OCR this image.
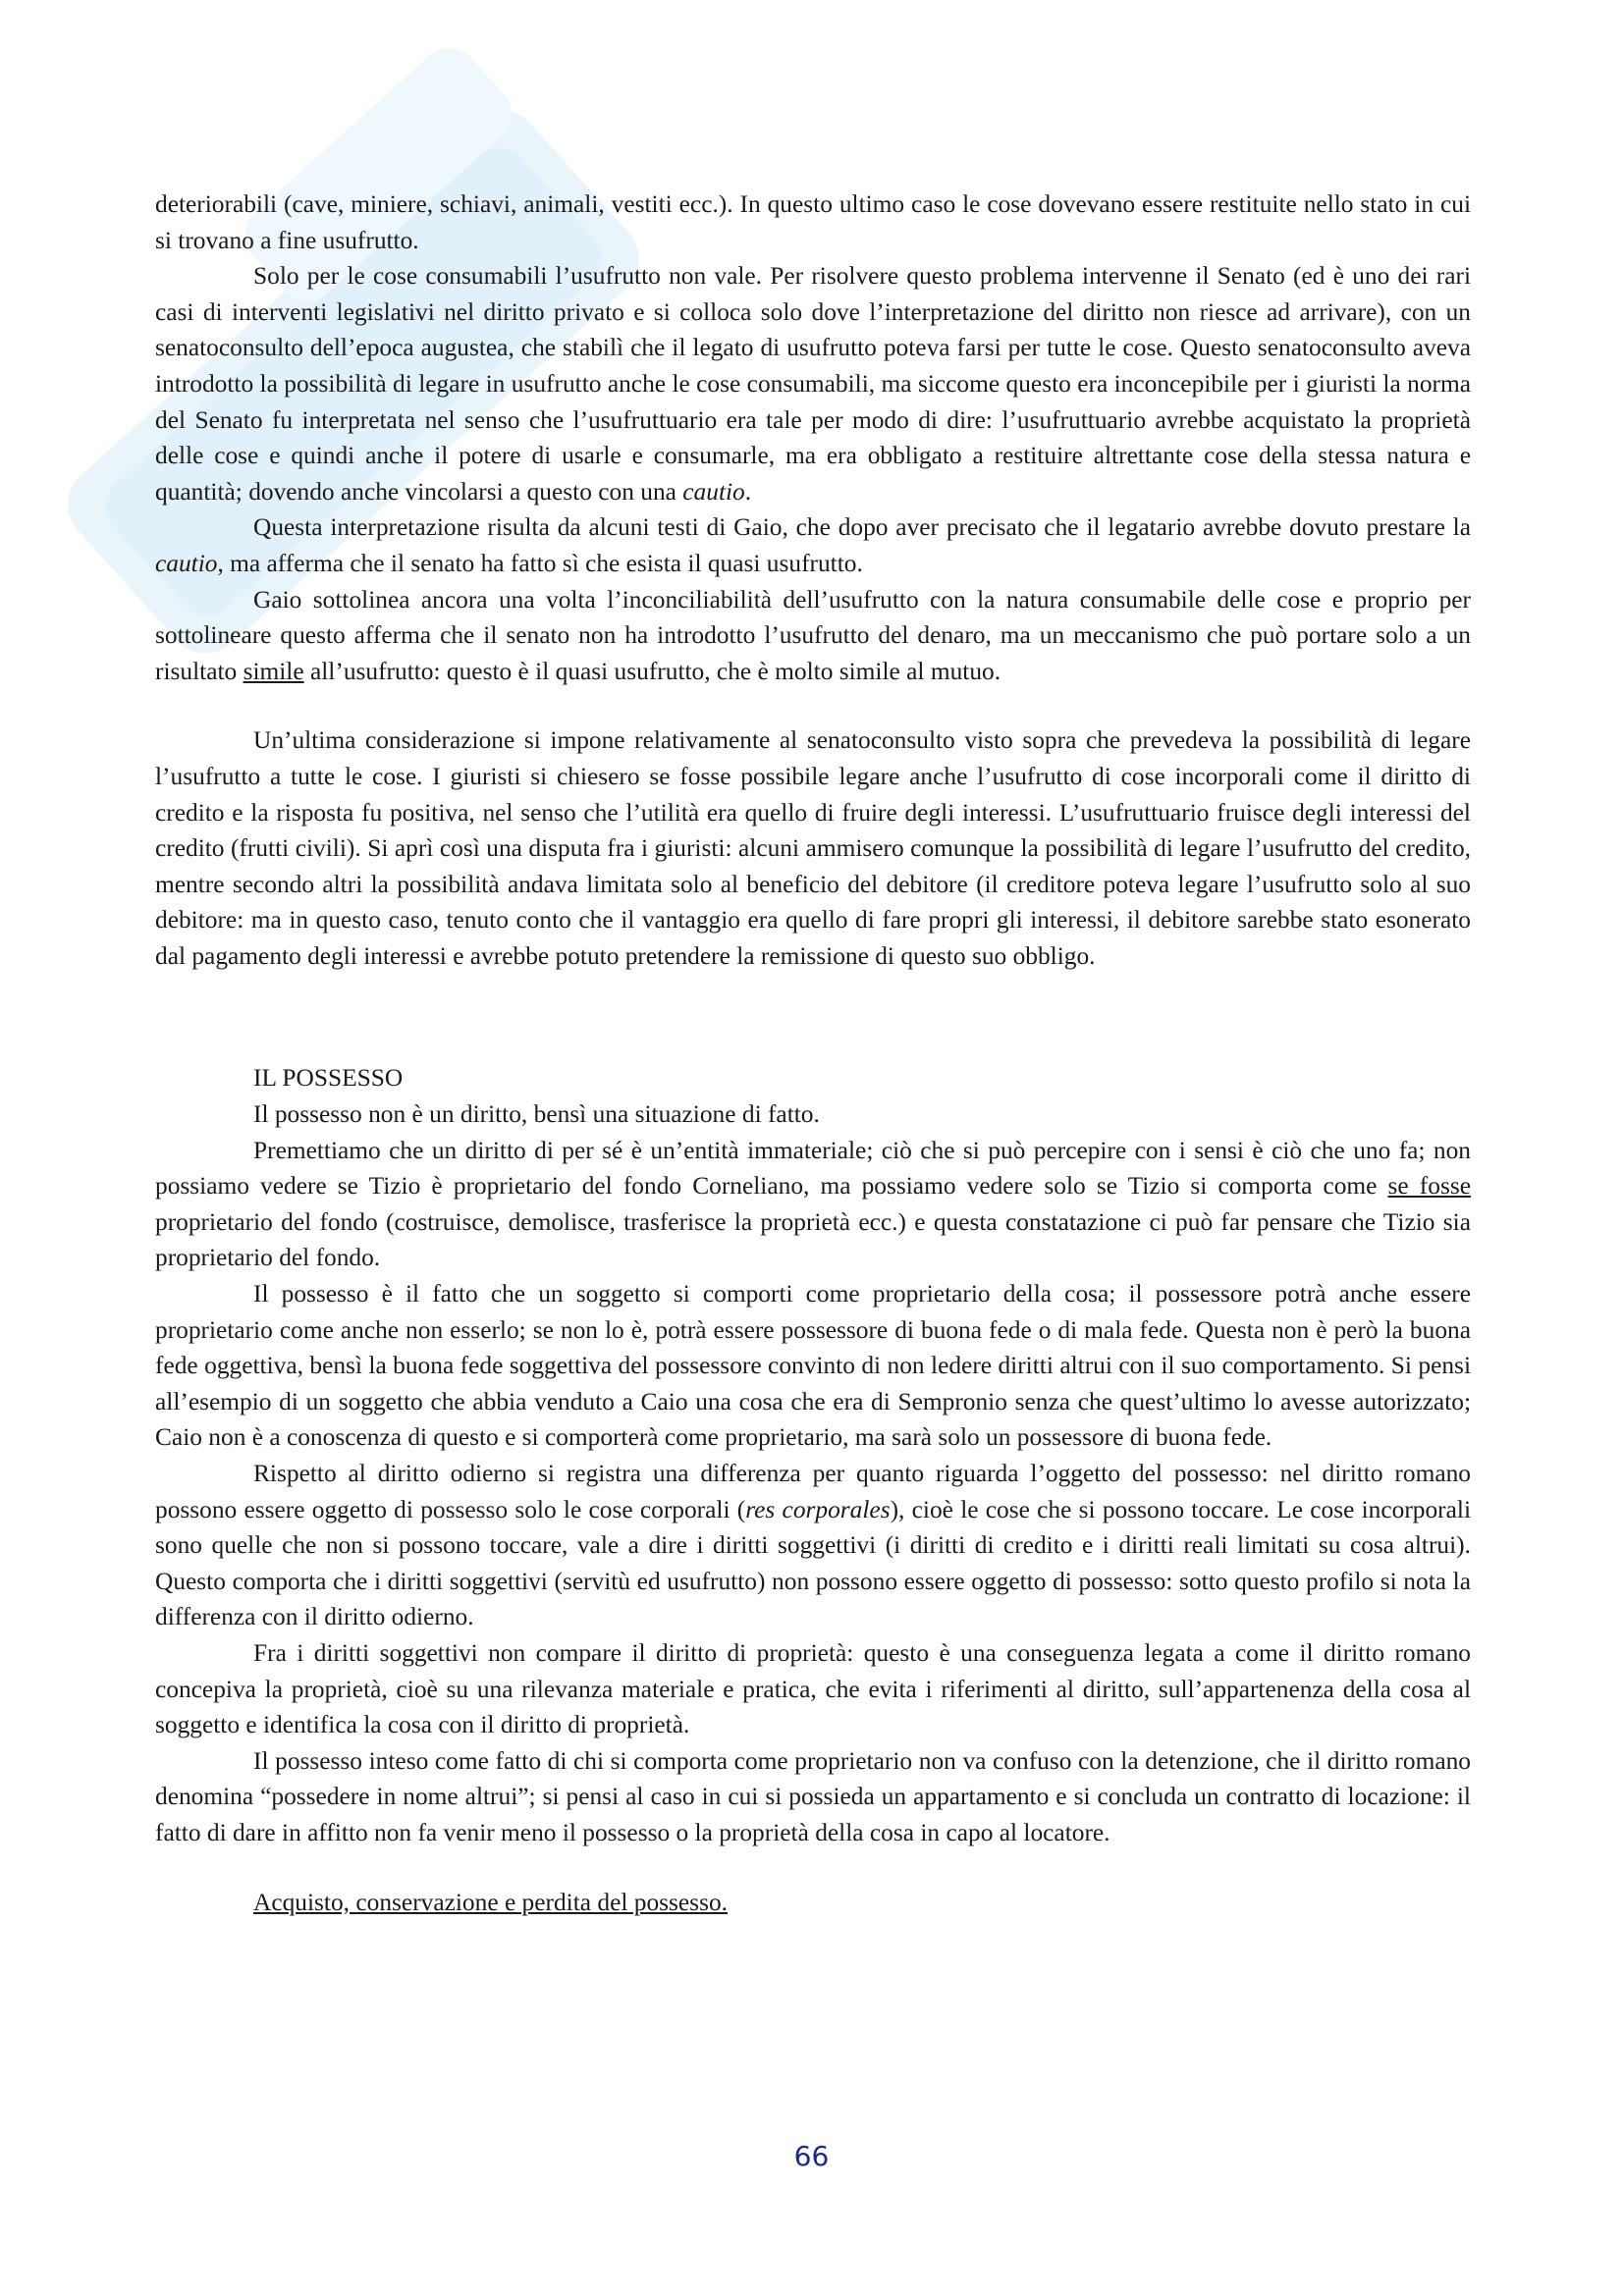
deteriorabili (cave, miniere, schiavi, animali, vestiti ecc.). In questo ultimo caso le cose dovevano essere restituite nello stato in cui si trovano a fine usufrutto.

Solo per le cose consumabili l’usufrutto non vale. Per risolvere questo problema intervenne il Senato (ed è uno dei rari casi di interventi legislativi nel diritto privato e si colloca solo dove l’interpretazione del diritto non riesce ad arrivare), con un senatoconsulto dell’epoca augustea, che stabilì che il legato di usufrutto poteva farsi per tutte le cose. Questo senatoconsulto aveva introdotto la possibilità di legare in usufrutto anche le cose consumabili, ma siccome questo era inconcepibile per i giuristi la norma del Senato fu interpretata nel senso che l’usufruttuario era tale per modo di dire: l’usufruttuario avrebbe acquistato la proprietà delle cose e quindi anche il potere di usarle e consumarle, ma era obbligato a restituire altrettante cose della stessa natura e quantità; dovendo anche vincolarsi a questo con una cautio.

Questa interpretazione risulta da alcuni testi di Gaio, che dopo aver precisato che il legatario avrebbe dovuto prestare la cautio, ma afferma che il senato ha fatto sì che esista il quasi usufrutto.

Gaio sottolinea ancora una volta l’inconciliabilità dell’usufrutto con la natura consumabile delle cose e proprio per sottolineare questo afferma che il senato non ha introdotto l’usufrutto del denaro, ma un meccanismo che può portare solo a un risultato simile all’usufrutto: questo è il quasi usufrutto, che è molto simile al mutuo.

Un’ultima considerazione si impone relativamente al senatoconsulto visto sopra che prevedeva la possibilità di legare l’usufrutto a tutte le cose. I giuristi si chiesero se fosse possibile legare anche l’usufrutto di cose incorporali come il diritto di credito e la risposta fu positiva, nel senso che l’utilità era quello di fruire degli interessi. L’usufruttuario fruisce degli interessi del credito (frutti civili). Si aprì così una disputa fra i giuristi: alcuni ammisero comunque la possibilità di legare l’usufrutto del credito, mentre secondo altri la possibilità andava limitata solo al beneficio del debitore (il creditore poteva legare l’usufrutto solo al suo debitore: ma in questo caso, tenuto conto che il vantaggio era quello di fare propri gli interessi, il debitore sarebbe stato esonerato dal pagamento degli interessi e avrebbe potuto pretendere la remissione di questo suo obbligo.

IL POSSESSO

Il possesso non è un diritto, bensì una situazione di fatto.

Premettiamo che un diritto di per sé è un’entità immateriale; ciò che si può percepire con i sensi è ciò che uno fa; non possiamo vedere se Tizio è proprietario del fondo Corneliano, ma possiamo vedere solo se Tizio si comporta come se fosse proprietario del fondo (costruisce, demolisce, trasferisce la proprietà ecc.) e questa constatazione ci può far pensare che Tizio sia proprietario del fondo.

Il possesso è il fatto che un soggetto si comporti come proprietario della cosa; il possessore potrà anche essere proprietario come anche non esserlo; se non lo è, potrà essere possessore di buona fede o di mala fede. Questa non è però la buona fede oggettiva, bensì la buona fede soggettiva del possessore convinto di non ledere diritti altrui con il suo comportamento. Si pensi all’esempio di un soggetto che abbia venduto a Caio una cosa che era di Sempronio senza che quest’ultimo lo avesse autorizzato; Caio non è a conoscenza di questo e si comporterà come proprietario, ma sarà solo un possessore di buona fede.

Rispetto al diritto odierno si registra una differenza per quanto riguarda l’oggetto del possesso: nel diritto romano possono essere oggetto di possesso solo le cose corporali (res corporales), cioè le cose che si possono toccare. Le cose incorporali sono quelle che non si possono toccare, vale a dire i diritti soggettivi (i diritti di credito e i diritti reali limitati su cosa altrui). Questo comporta che i diritti soggettivi (servitù ed usufrutto) non possono essere oggetto di possesso: sotto questo profilo si nota la differenza con il diritto odierno.

Fra i diritti soggettivi non compare il diritto di proprietà: questo è una conseguenza legata a come il diritto romano concepiva la proprietà, cioè su una rilevanza materiale e pratica, che evita i riferimenti al diritto, sull’appartenenza della cosa al soggetto e identifica la cosa con il diritto di proprietà.

Il possesso inteso come fatto di chi si comporta come proprietario non va confuso con la detenzione, che il diritto romano denomina “possedere in nome altrui”; si pensi al caso in cui si possieda un appartamento e si concluda un contratto di locazione: il fatto di dare in affitto non fa venir meno il possesso o la proprietà della cosa in capo al locatore.

Acquisto, conservazione e perdita del possesso.

66
